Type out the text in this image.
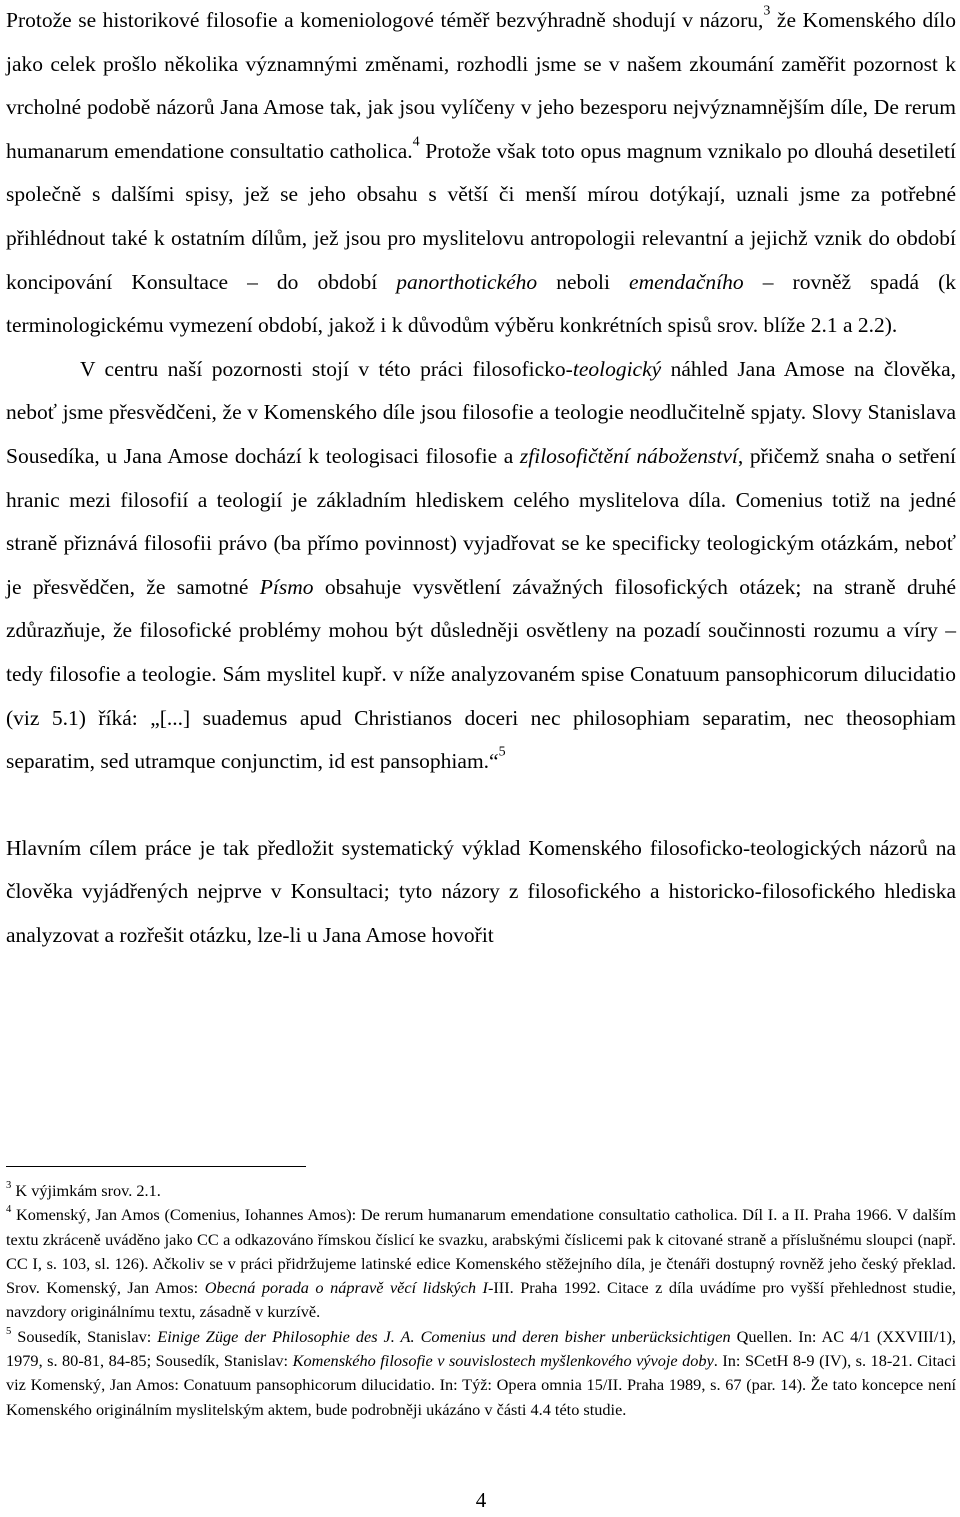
Protože se historikové filosofie a komeniologové téměř bezvýhradně shodují v názoru,$^3$ že Komenského dílo jako celek prošlo několika významnými změnami, rozhodli jsme se v našem zkoumání zaměřit pozornost k vrcholné podobě názorů Jana Amose tak, jak jsou vylíčeny v jeho bezesporu nejvýznamnějším díle, De rerum humanarum emendatione consultatio catholica.$^4$ Protože však toto opus magnum vznikalo po dlouhá desetiletí společně s dalšími spisy, jež se jeho obsahu s větší či menší mírou dotýkají, uznali jsme za potřebné přihlédnout také k ostatním dílům, jež jsou pro myslitelovu antropologii relevantní a jejichž vznik do období koncipování Konsultace – do období panorthotického neboli emendačního – rovněž spadá (k terminologickému vymezení období, jakož i k důvodům výběru konkrétních spisů srov. blíže 2.1 a 2.2).

V centru naší pozornosti stojí v této práci filosoficko-teologický náhled Jana Amose na člověka, neboť jsme přesvědčeni, že v Komenského díle jsou filosofie a teologie neodlučitelně spjaty. Slovy Stanislava Sousedíka, u Jana Amose dochází k teologisaci filosofie a zfilosofičtění náboženství, přičemž snaha o setření hranic mezi filosofií a teologií je základním hlediskem celého myslitelova díla. Comenius totiž na jedné straně přiznává filosofii právo (ba přímo povinnost) vyjadřovat se ke specificky teologickým otázkám, neboť je přesvědčen, že samotné Písmo obsahuje vysvětlení závažných filosofických otázek; na straně druhé zdůrazňuje, že filosofické problémy mohou být důsledněji osvětleny na pozadí součinnosti rozumu a víry – tedy filosofie a teologie. Sám myslitel kupř. v níže analyzovaném spise Conatuum pansophicorum dilucidatio (viz 5.1) říká: „[...] suademus apud Christianos doceri nec philosophiam separatim, nec theosophiam separatim, sed utramque conjunctim, id est pansophiam.“$^5$

Hlavním cílem práce je tak předložit systematický výklad Komenského filosoficko-teologických názorů na člověka vyjádřených nejprve v Konsultaci; tyto názory z filosofického a historicko-filosofického hlediska analyzovat a rozřešit otázku, lze-li u Jana Amose hovořit

$^3$ K výjimkám srov. 2.1.

$^4$ Komenský, Jan Amos (Comenius, Iohannes Amos): De rerum humanarum emendatione consultatio catholica. Díl I. a II. Praha 1966. V dalším textu zkráceně uváděno jako CC a odkazováno římskou číslicí ke svazku, arabskými číslicemi pak k citované straně a příslušnému sloupci (např. CC I, s. 103, sl. 126). Ačkoliv se v práci přidržujeme latinské edice Komenského stěžejního díla, je čtenáři dostupný rovněž jeho český překlad. Srov. Komenský, Jan Amos: Obecná porada o nápravě věcí lidských I-III. Praha 1992. Citace z díla uvádíme pro vyšší přehlednost studie, navzdory originálnímu textu, zásadně v kurzívě.

$^5$ Sousedík, Stanislav: Einige Züge der Philosophie des J. A. Comenius und deren bisher unberücksichtigen Quellen. In: AC 4/1 (XXVIII/1), 1979, s. 80-81, 84-85; Sousedík, Stanislav: Komenského filosofie v souvislostech myšlenkového vývoje doby. In: SCetH 8-9 (IV), s. 18-21. Citaci viz Komenský, Jan Amos: Conatuum pansophicorum dilucidatio. In: Týž: Opera omnia 15/II. Praha 1989, s. 67 (par. 14). Že tato koncepce není Komenského originálním myslitelským aktem, bude podrobněji ukázáno v části 4.4 této studie.

4
